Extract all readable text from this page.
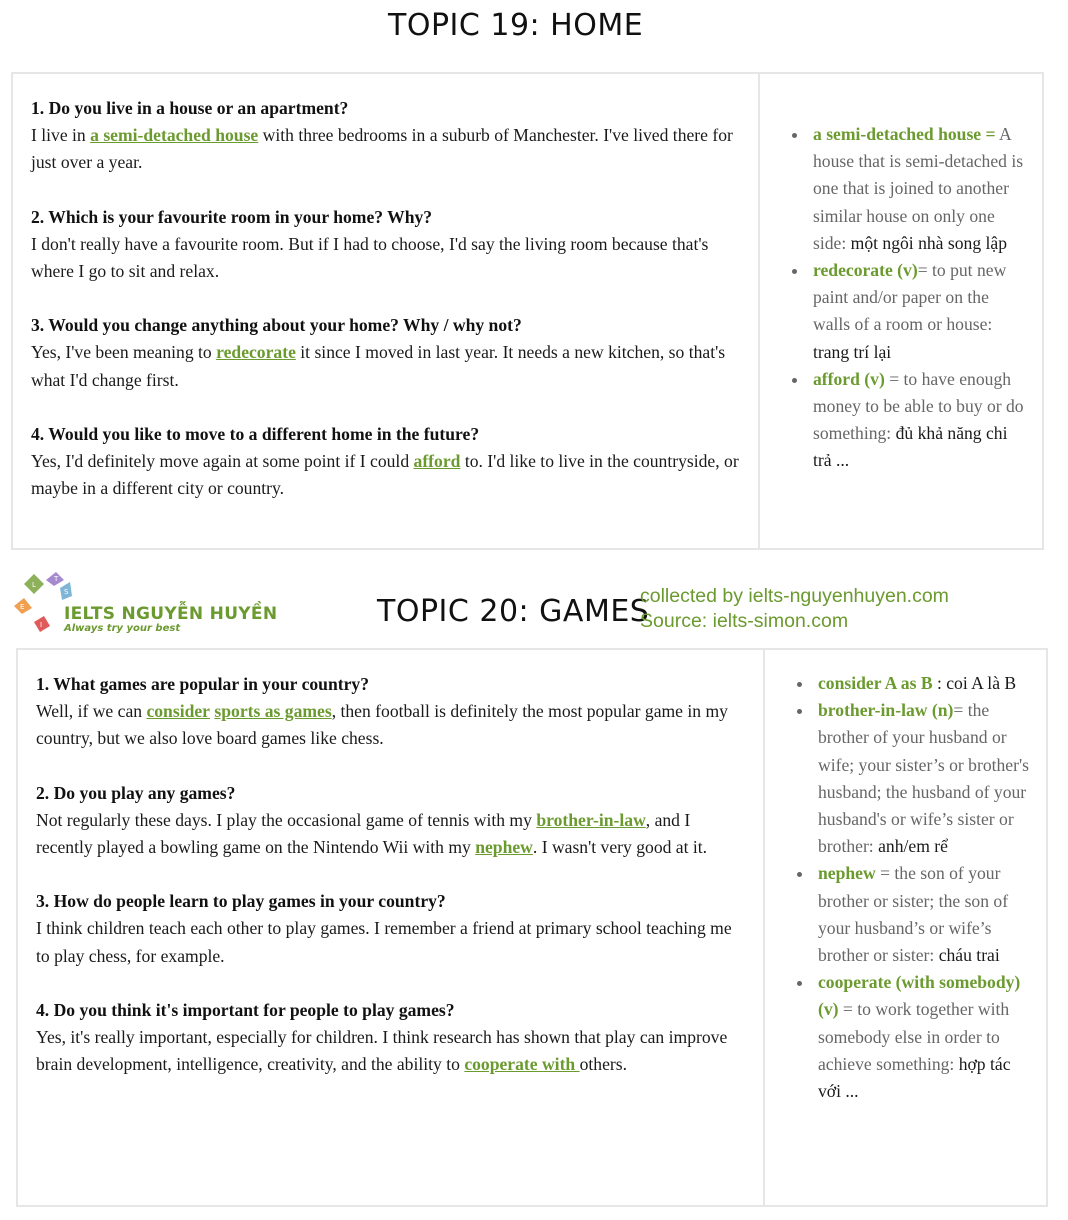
TOPIC 19: HOME

1. Do you live in a house or an apartment?

I live in a semi-detached house with three bedrooms in a suburb of Manchester. I've lived there for just over a year.

2. Which is your favourite room in your home? Why?

I don't really have a favourite room. But if I had to choose, I'd say the living room because that's where I go to sit and relax.

3. Would you change anything about your home? Why / why not?

Yes, I've been meaning to redecorate it since I moved in last year. It needs a new kitchen, so that's what I'd change first.

4. Would you like to move to a different home in the future?

Yes, I'd definitely move again at some point if I could afford to. I'd like to live in the countryside, or maybe in a different city or country.

• a semi-detached house = A house that is semi-detached is one that is joined to another similar house on only one side: một ngôi nhà song lập
• redecorate (v)= to put new paint and/or paper on the walls of a room or house: trang trí lại
• afford (v) = to have enough money to be able to buy or do something: đủ khả năng chi trả ...
L
T
S
E
I
IELTS NGUYỄN HUYỀN
Always try your best	TOPIC 20: GAMES
collected by ielts-nguyenhuyen.com
Source: ielts-simon.com

1. What games are popular in your country?

Well, if we can consider sports as games, then football is definitely the most popular game in my country, but we also love board games like chess.

2. Do you play any games?

Not regularly these days. I play the occasional game of tennis with my brother-in-law, and I recently played a bowling game on the Nintendo Wii with my nephew. I wasn't very good at it.

3. How do people learn to play games in your country?

I think children teach each other to play games. I remember a friend at primary school teaching me to play chess, for example.

4. Do you think it's important for people to play games?

Yes, it's really important, especially for children. I think research has shown that play can improve brain development, intelligence, creativity, and the ability to cooperate with others.

• consider A as B : coi A là B
• brother-in-law (n)= the brother of your husband or wife; your sister’s or brother's husband; the husband of your husband's or wife’s sister or brother: anh/em rể
• nephew = the son of your brother or sister; the son of your husband’s or wife’s brother or sister: cháu trai
• cooperate (with somebody) (v) = to work together with somebody else in order to achieve something: hợp tác với ...
